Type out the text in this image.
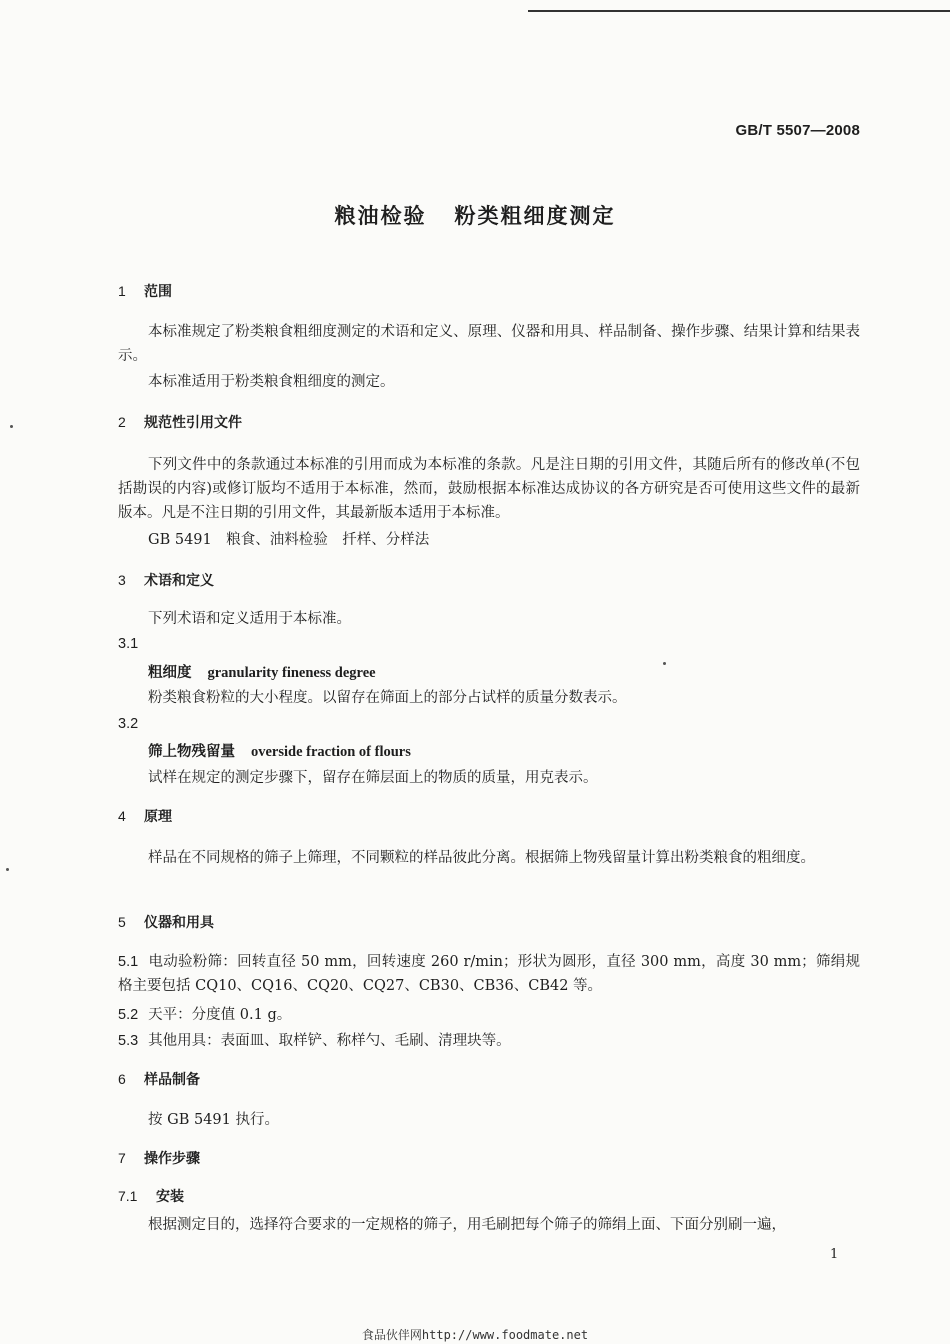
GB/T 5507—2008
粮油检验 粉类粗细度测定
1 范围
本标准规定了粉类粮食粗细度测定的术语和定义、原理、仪器和用具、样品制备、操作步骤、结果计算和结果表示。
本标准适用于粉类粮食粗细度的测定。
2 规范性引用文件
下列文件中的条款通过本标准的引用而成为本标准的条款。凡是注日期的引用文件，其随后所有的修改单(不包括勘误的内容)或修订版均不适用于本标准，然而，鼓励根据本标准达成协议的各方研究是否可使用这些文件的最新版本。凡是不注日期的引用文件，其最新版本适用于本标准。
GB 5491　粮食、油料检验　扦样、分样法
3 术语和定义
下列术语和定义适用于本标准。
3.1
粗细度 granularity fineness degree
粉类粮食粉粒的大小程度。以留存在筛面上的部分占试样的质量分数表示。
3.2
筛上物残留量 overside fraction of flours
试样在规定的测定步骤下，留存在筛层面上的物质的质量，用克表示。
4 原理
样品在不同规格的筛子上筛理，不同颗粒的样品彼此分离。根据筛上物残留量计算出粉类粮食的粗细度。
5 仪器和用具
5.1 电动验粉筛：回转直径 50 mm，回转速度 260 r/min；形状为圆形，直径 300 mm，高度 30 mm；筛绢规格主要包括 CQ10、CQ16、CQ20、CQ27、CB30、CB36、CB42 等。
5.2 天平：分度值 0.1 g。
5.3 其他用具：表面皿、取样铲、称样勺、毛刷、清理块等。
6 样品制备
按 GB 5491 执行。
7 操作步骤
7.1 安装
根据测定目的，选择符合要求的一定规格的筛子，用毛刷把每个筛子的筛绢上面、下面分别刷一遍，
1
食品伙伴网http://www.foodmate.net
